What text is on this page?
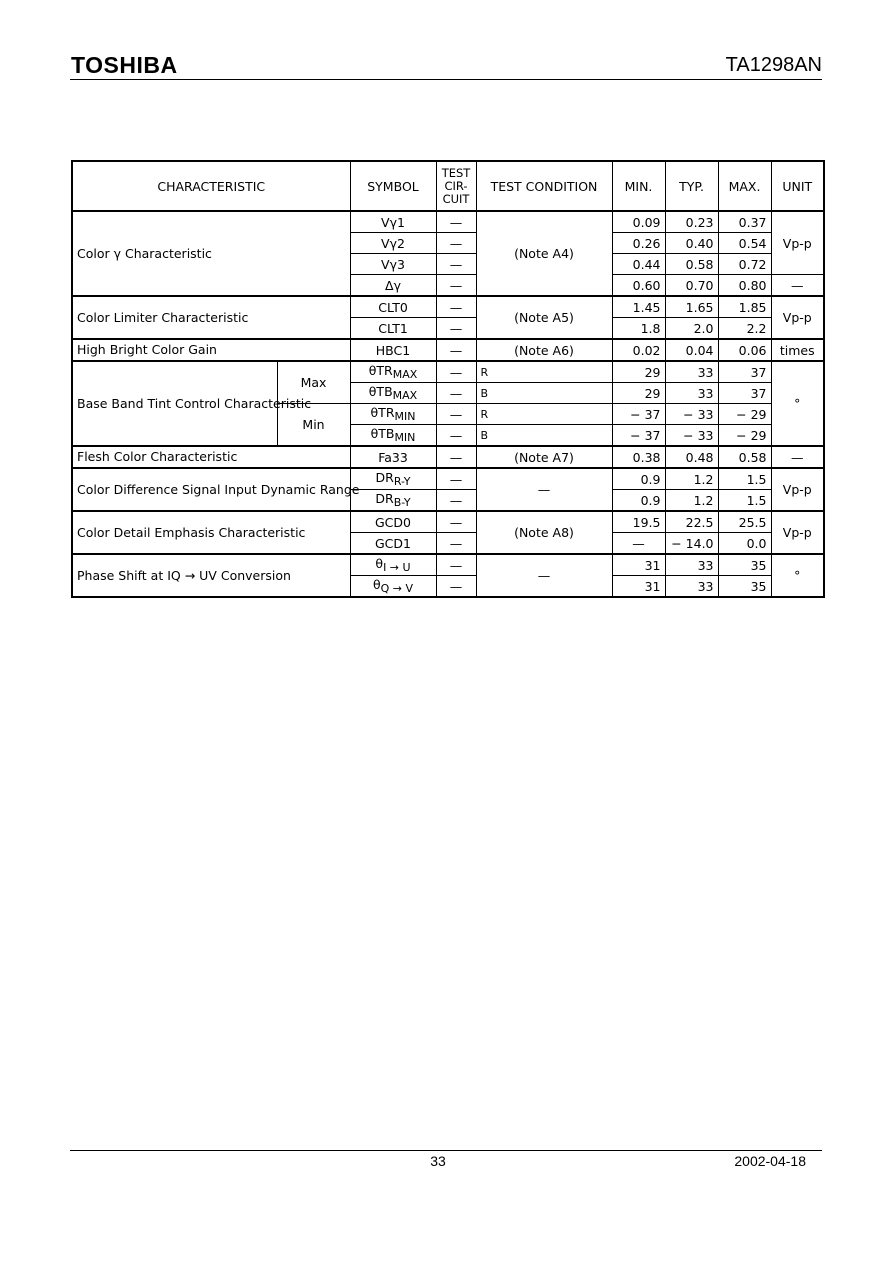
TOSHIBA	TA1298AN
CHARACTERISTIC		SYMBOL	TEST
CIR-
CUIT	TEST CONDITION	MIN.	TYP.	MAX.	UNIT
Color γ Characteristic		Vγ1	—	(Note A4)	0.09	0.23	0.37	Vp-p
		Vγ2	—		0.26	0.40	0.54	
		Vγ3	—		0.44	0.58	0.72	
		Δγ	—		0.60	0.70	0.80	—
Color Limiter Characteristic		CLT0	—	(Note A5)	1.45	1.65	1.85	Vp-p
		CLT1	—		1.8	2.0	2.2	
High Bright Color Gain		HBC1	—	(Note A6)	0.02	0.04	0.06	times
Base Band Tint Control Characteristic	Max	θTR$_{MAX}$	—	R	29	33	37	°
		θTB$_{MAX}$	—	B	29	33	37	
	Min	θTR$_{MIN}$	—	R	− 37	− 33	− 29	
		θTB$_{MIN}$	—	B	− 37	− 33	− 29	
Flesh Color Characteristic		Fa33	—	(Note A7)	0.38	0.48	0.58	—
Color Difference Signal Input Dynamic Range		$DR_{R-Y}$	—	—	0.9	1.2	1.5	Vp-p
		$DR_{B-Y}$	—		0.9	1.2	1.5	
Color Detail Emphasis Characteristic		GCD0	—	(Note A8)	19.5	22.5	25.5	Vp-p
		GCD1	—		—	− 14.0	0.0	
Phase Shift at IQ → UV Conversion		$\theta_{I \to U}$	—	—	31	33	35	°
		$\theta_{Q \to V}$	—		31	33	35	
33	2002-04-18
